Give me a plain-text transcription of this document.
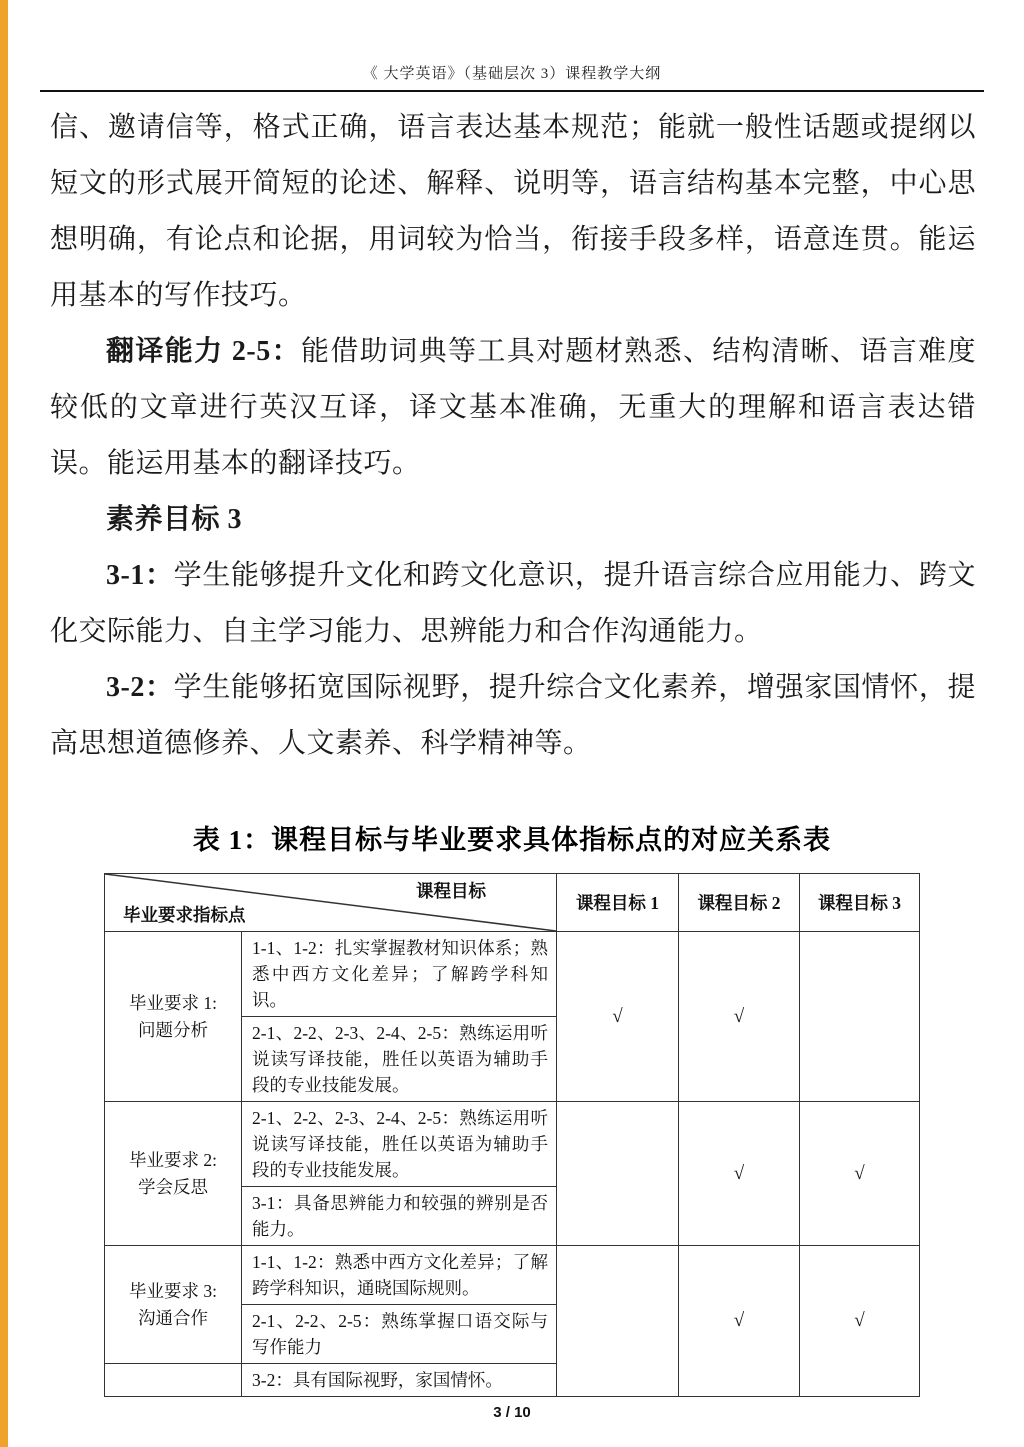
《 大学英语》（基础层次 3）课程教学大纲

信、邀请信等，格式正确，语言表达基本规范；能就一般性话题或提纲以短文的形式展开简短的论述、解释、说明等，语言结构基本完整，中心思想明确，有论点和论据，用词较为恰当，衔接手段多样，语意连贯。能运用基本的写作技巧。

翻译能力 2-5：能借助词典等工具对题材熟悉、结构清晰、语言难度较低的文章进行英汉互译，译文基本准确，无重大的理解和语言表达错误。能运用基本的翻译技巧。

素养目标 3

3-1：学生能够提升文化和跨文化意识，提升语言综合应用能力、跨文化交际能力、自主学习能力、思辨能力和合作沟通能力。

3-2：学生能够拓宽国际视野，提升综合文化素养，增强家国情怀，提高思想道德修养、人文素养、科学精神等。

表 1：课程目标与毕业要求具体指标点的对应关系表
课程目标
毕业要求指标点		课程目标 1	课程目标 2	课程目标 3

毕业要求 1:
问题分析	1-1、1-2：扎实掌握教材知识体系；熟悉中西方文化差异；了解跨学科知识。	√	√	
	2-1、2-2、2-3、2-4、2-5：熟练运用听说读写译技能，胜任以英语为辅助手段的专业技能发展。			

毕业要求 2:
学会反思	2-1、2-2、2-3、2-4、2-5：熟练运用听说读写译技能，胜任以英语为辅助手段的专业技能发展。		√	√
	3-1：具备思辨能力和较强的辨别是否能力。			

毕业要求 3:
沟通合作	1-1、1-2：熟悉中西方文化差异；了解跨学科知识，通晓国际规则。		√	√
	2-1、2-2、2-5：熟练掌握口语交际与写作能力			
	3-2：具有国际视野，家国情怀。			
3 / 10
